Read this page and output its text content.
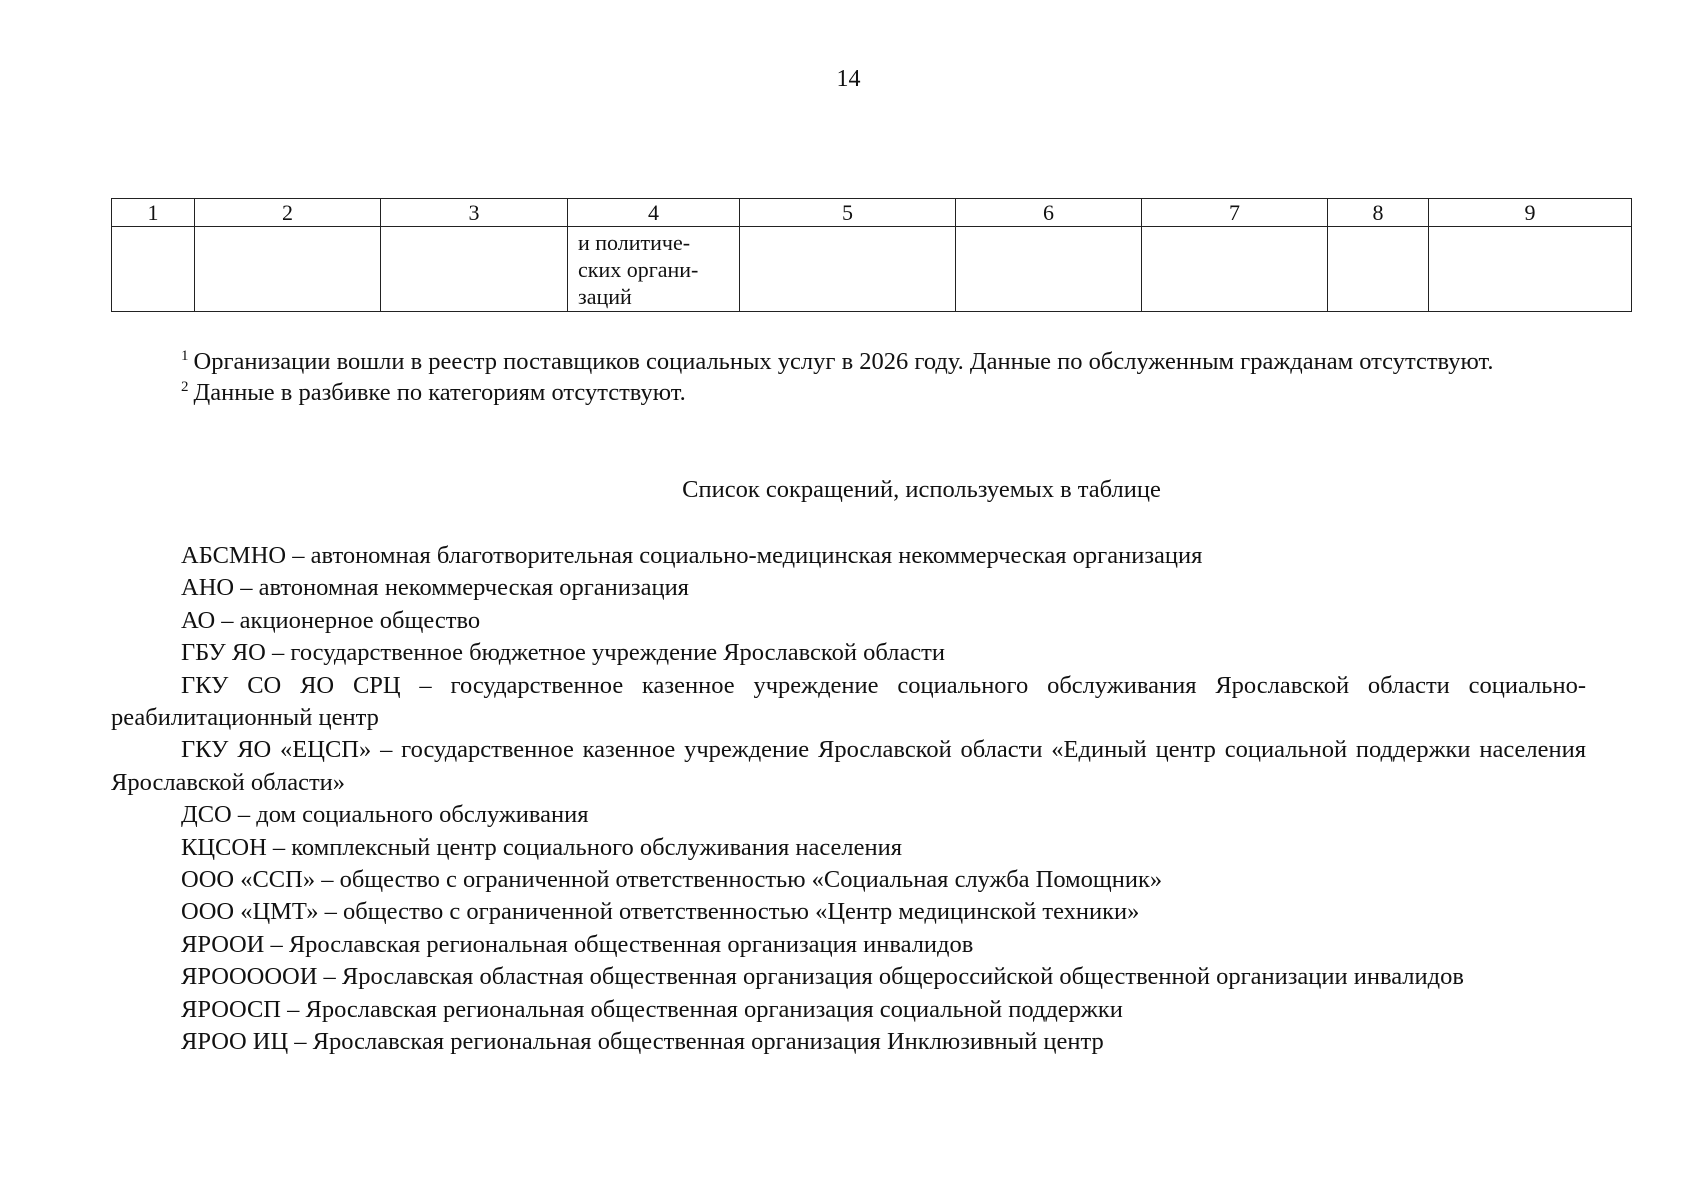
14
1	2	3	4	5	6	7	8	9

			и политиче-
ских органи-
заций					

$^1$ Организации вошли в реестр поставщиков социальных услуг в 2026 году. Данные по обслуженным гражданам отсутствуют.

$^2$ Данные в разбивке по категориям отсутствуют.

Список сокращений, используемых в таблице

АБСМНО – автономная благотворительная социально-медицинская некоммерческая организация

АНО – автономная некоммерческая организация

АО – акционерное общество

ГБУ ЯО – государственное бюджетное учреждение Ярославской области

ГКУ СО ЯО СРЦ – государственное казенное учреждение социального обслуживания Ярославской области социально-реабилитационный центр

ГКУ ЯО «ЕЦСП» – государственное казенное учреждение Ярославской области «Единый центр социальной поддержки населения Ярославской области»

ДСО – дом социального обслуживания

КЦСОН – комплексный центр социального обслуживания населения

ООО «ССП» – общество с ограниченной ответственностью «Социальная служба Помощник»

ООО «ЦМТ» – общество с ограниченной ответственностью «Центр медицинской техники»

ЯРООИ – Ярославская региональная общественная организация инвалидов

ЯРОООООИ – Ярославская областная общественная организация общероссийской общественной организации инвалидов

ЯРООСП – Ярославская региональная общественная организация социальной поддержки

ЯРОО ИЦ – Ярославская региональная общественная организация Инклюзивный центр
